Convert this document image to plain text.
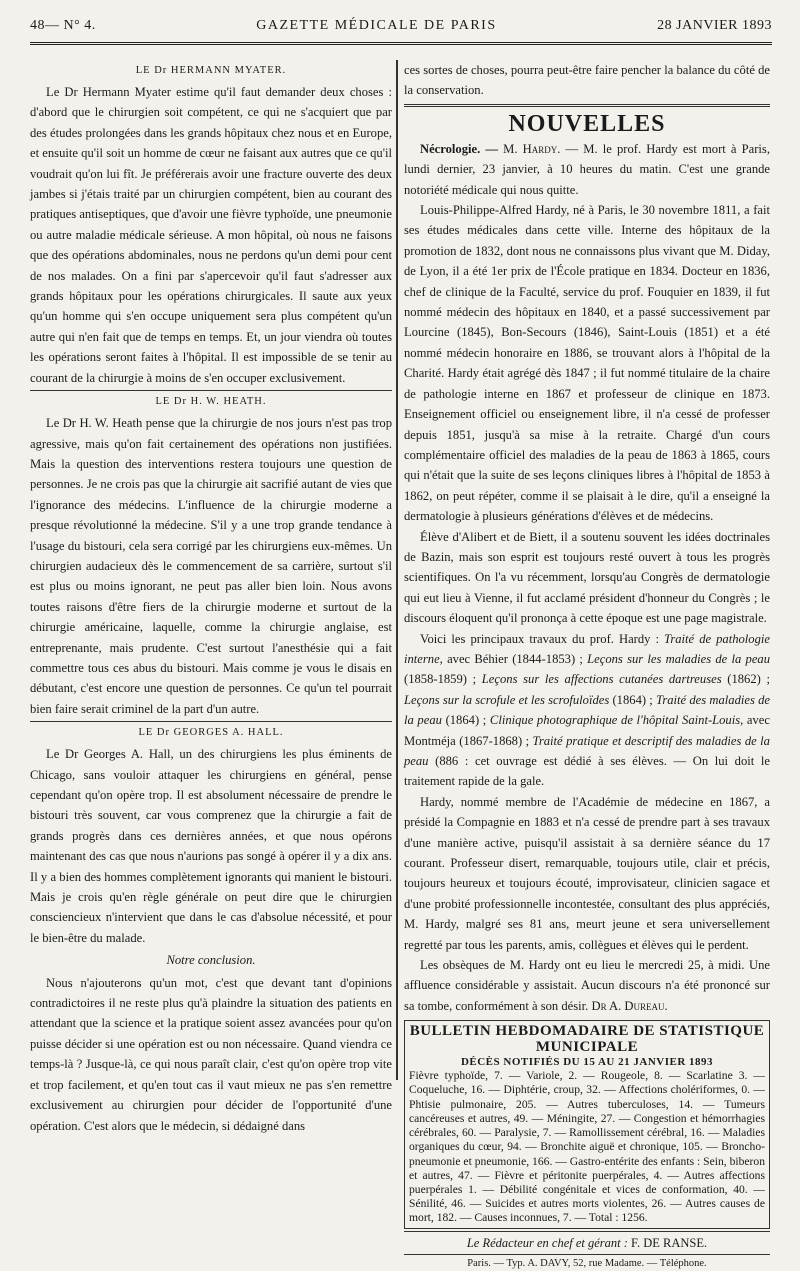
48— N° 4.	GAZETTE MÉDICALE DE PARIS	28 JANVIER 1893
LE Dr HERMANN MYATER.

Le Dr Hermann Myater estime qu'il faut demander deux choses : d'abord que le chirurgien soit compétent, ce qui ne s'acquiert que par des études prolongées dans les grands hôpitaux chez nous et en Europe, et ensuite qu'il soit un homme de cœur ne faisant aux autres que ce qu'il voudrait qu'on lui fît. Je préférerais avoir une fracture ouverte des deux jambes si j'étais traité par un chirurgien compétent, bien au courant des pratiques antiseptiques, que d'avoir une fièvre typhoïde, une pneumonie ou autre maladie médicale sérieuse. A mon hôpital, où nous ne faisons que des opérations abdominales, nous ne perdons qu'un demi pour cent de nos malades. On a fini par s'apercevoir qu'il faut s'adresser aux grands hôpitaux pour les opérations chirurgicales. Il saute aux yeux qu'un homme qui s'en occupe uniquement sera plus compétent qu'un autre qui n'en fait que de temps en temps. Et, un jour viendra où toutes les opérations seront faites à l'hôpital. Il est impossible de se tenir au courant de la chirurgie à moins de s'en occuper exclusivement.

LE Dr H. W. HEATH.

Le Dr H. W. Heath pense que la chirurgie de nos jours n'est pas trop agressive, mais qu'on fait certainement des opérations non justifiées. Mais la question des interventions restera toujours une question de personnes. Je ne crois pas que la chirurgie ait sacrifié autant de vies que l'ignorance des médecins. L'influence de la chirurgie moderne a presque révolutionné la médecine. S'il y a une trop grande tendance à l'usage du bistouri, cela sera corrigé par les chirurgiens eux-mêmes. Un chirurgien audacieux dès le commencement de sa carrière, surtout s'il est plus ou moins ignorant, ne peut pas aller bien loin. Nous avons toutes raisons d'être fiers de la chirurgie moderne et surtout de la chirurgie américaine, laquelle, comme la chirurgie anglaise, est entreprenante, mais prudente. C'est surtout l'anesthésie qui a fait commettre tous ces abus du bistouri. Mais comme je vous le disais en débutant, c'est encore une question de personnes. Ce qu'un tel pourrait bien faire serait criminel de la part d'un autre.

LE Dr GEORGES A. HALL.

Le Dr Georges A. Hall, un des chirurgiens les plus éminents de Chicago, sans vouloir attaquer les chirurgiens en général, pense cependant qu'on opère trop. Il est absolument nécessaire de prendre le bistouri très souvent, car vous comprenez que la chirurgie a fait de grands progrès dans ces dernières années, et que nous opérons maintenant des cas que nous n'aurions pas songé à opérer il y a dix ans. Il y a bien des hommes complètement ignorants qui manient le bistouri. Mais je crois qu'en règle générale on peut dire que le chirurgien consciencieux n'intervient que dans le cas d'absolue nécessité, et pour le bien-être du malade.

Notre conclusion.

Nous n'ajouterons qu'un mot, c'est que devant tant d'opinions contradictoires il ne reste plus qu'à plaindre la situation des patients en attendant que la science et la pratique soient assez avancées pour qu'on puisse décider si une opération est ou non nécessaire. Quand viendra ce temps-là ? Jusque-là, ce qui nous paraît clair, c'est qu'on opère trop vite et trop facilement, et qu'en tout cas il vaut mieux ne pas s'en remettre exclusivement au chirurgien pour décider de l'opportunité d'une opération. C'est alors que le médecin, si dédaigné dans

ces sortes de choses, pourra peut-être faire pencher la balance du côté de la conservation.

NOUVELLES

Nécrologie. — M. Hardy. — M. le prof. Hardy est mort à Paris, lundi dernier, 23 janvier, à 10 heures du matin. C'est une grande notoriété médicale qui nous quitte.

Louis-Philippe-Alfred Hardy, né à Paris, le 30 novembre 1811, a fait ses études médicales dans cette ville. Interne des hôpitaux de la promotion de 1832, dont nous ne connaissons plus vivant que M. Diday, de Lyon, il a été 1er prix de l'École pratique en 1834. Docteur en 1836, chef de clinique de la Faculté, service du prof. Fouquier en 1839, il fut nommé médecin des hôpitaux en 1840, et a passé successivement par Lourcine (1845), Bon-Secours (1846), Saint-Louis (1851) et a été nommé médecin honoraire en 1886, se trouvant alors à l'hôpital de la Charité. Hardy était agrégé dès 1847 ; il fut nommé titulaire de la chaire de pathologie interne en 1867 et professeur de clinique en 1873. Enseignement officiel ou enseignement libre, il n'a cessé de professer depuis 1851, jusqu'à sa mise à la retraite. Chargé d'un cours complémentaire officiel des maladies de la peau de 1863 à 1865, cours qui n'était que la suite de ses leçons cliniques libres à l'hôpital de 1853 à 1862, on peut répéter, comme il se plaisait à le dire, qu'il a enseigné la dermatologie à plusieurs générations d'élèves et de médecins.

Élève d'Alibert et de Biett, il a soutenu souvent les idées doctrinales de Bazin, mais son esprit est toujours resté ouvert à tous les progrès scientifiques. On l'a vu récemment, lorsqu'au Congrès de dermatologie qui eut lieu à Vienne, il fut acclamé président d'honneur du Congrès ; le discours éloquent qu'il prononça à cette époque est une page magistrale.

Voici les principaux travaux du prof. Hardy : Traité de pathologie interne, avec Béhier (1844-1853) ; Leçons sur les maladies de la peau (1858-1859) ; Leçons sur les affections cutanées dartreuses (1862) ; Leçons sur la scrofule et les scrofuloïdes (1864) ; Traité des maladies de la peau (1864) ; Clinique photographique de l'hôpital Saint-Louis, avec Montméja (1867-1868) ; Traité pratique et descriptif des maladies de la peau (886 : cet ouvrage est dédié à ses élèves. — On lui doit le traitement rapide de la gale.

Hardy, nommé membre de l'Académie de médecine en 1867, a présidé la Compagnie en 1883 et n'a cessé de prendre part à ses travaux d'une manière active, puisqu'il assistait à sa dernière séance du 17 courant. Professeur disert, remarquable, toujours utile, clair et précis, toujours heureux et toujours écouté, improvisateur, clinicien sagace et d'une probité professionnelle incontestée, consultant des plus appréciés, M. Hardy, malgré ses 81 ans, meurt jeune et sera universellement regretté par tous les parents, amis, collègues et élèves qui le perdent.

Les obsèques de M. Hardy ont eu lieu le mercredi 25, à midi. Une affluence considérable y assistait. Aucun discours n'a été prononcé sur sa tombe, conformément à son désir. Dr A. Dureau.

BULLETIN HEBDOMADAIRE DE STATISTIQUE
MUNICIPALE
DÉCÈS NOTIFIÉS DU 15 AU 21 JANVIER 1893
Fièvre typhoïde, 7. — Variole, 2. — Rougeole, 8. — Scarlatine 3. — Coqueluche, 16. — Diphtérie, croup, 32. — Affections cholériformes, 0. — Phtisie pulmonaire, 205. — Autres tuberculoses, 14. — Tumeurs cancéreuses et autres, 49. — Méningite, 27. — Congestion et hémorrhagies cérébrales, 60. — Paralysie, 7. — Ramollissement cérébral, 16. — Maladies organiques du cœur, 94. — Bronchite aiguë et chronique, 105. — Broncho-pneumonie et pneumonie, 166. — Gastro-entérite des enfants : Sein, biberon et autres, 47. — Fièvre et péritonite puerpérales, 4. — Autres affections puerpérales 1. — Débilité congénitale et vices de conformation, 40. — Sénilité, 46. — Suicides et autres morts violentes, 26. — Autres causes de mort, 182. — Causes inconnues, 7. — Total : 1256.
Le Rédacteur en chef et gérant : F. DE RANSE.
Paris. — Typ. A. DAVY, 52, rue Madame. — Téléphone.
